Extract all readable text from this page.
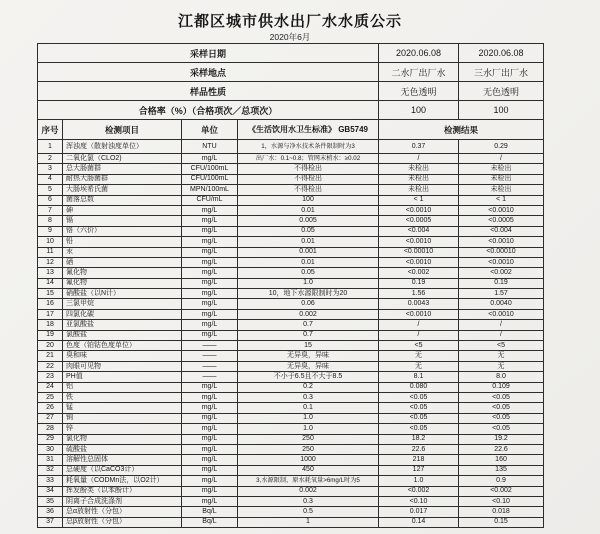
江都区城市供水出厂水水质公示
2020年6月
采样日期				2020.06.08	2020.06.08
采样地点				二水厂出厂水	三水厂出厂水
样品性质				无色透明	无色透明
合格率（%）（合格项次／总项次）				100	100
序号	检测项目	单位	《生活饮用水卫生标准》 GB5749	检测结果	
1	浑浊度（散射浊度单位）	NTU	1，水源与净水技术条件限制时为3	0.37	0.29
2	二氧化氯（CLO2)	mg/L	出厂水：0.1~0.8；管网末梢水：≥0.02	/	/
3	总大肠菌群	CFU/100mL	不得检出	未检出	未检出
4	耐热大肠菌群	CFU/100mL	不得检出	未检出	未检出
5	大肠埃希氏菌	MPN/100mL	不得检出	未检出	未检出
6	菌落总数	CFU/mL	100	< 1	< 1
7	砷	mg/L	0.01	<0.0010	<0.0010
8	镉	mg/L	0.005	<0.0005	<0.0005
9	铬（六价）	mg/L	0.05	<0.004	<0.004
10	铅	mg/L	0.01	<0.0010	<0.0010
11	汞	mg/L	0.001	<0.00010	<0.00010
12	硒	mg/L	0.01	<0.0010	<0.0010
13	氰化物	mg/L	0.05	<0.002	<0.002
14	氟化物	mg/L	1.0	0.19	0.19
15	硝酸盐（以N计）	mg/L	10，地下水源限制时为20	1.56	1.57
16	三氯甲烷	mg/L	0.06	0.0043	0.0040
17	四氯化碳	mg/L	0.002	<0.0010	<0.0010
18	亚氯酸盐	mg/L	0.7	/	/
19	氯酸盐	mg/L	0.7	/	/
20	色度（铂钴色度单位）	——	15	<5	<5
21	臭和味	——	无异臭，异味	无	无
22	肉眼可见物	——	无异臭，异味	无	无
23	PH值	——	不小于6.5且不大于8.5	8.1	8.0
24	铝	mg/L	0.2	0.080	0.109
25	铁	mg/L	0.3	<0.05	<0.05
26	锰	mg/L	0.1	<0.05	<0.05
27	铜	mg/L	1.0	<0.05	<0.05
28	锌	mg/L	1.0	<0.05	<0.05
29	氯化物	mg/L	250	18.2	19.2
30	硫酸盐	mg/L	250	22.6	22.6
31	溶解性总固体	mg/L	1000	218	160
32	总硬度（以CaCO3计）	mg/L	450	127	135
33	耗氧量（CODMn法，以O2计）	mg/L	3,水源限制，原水耗氧量>6mg/L时为5	1.0	0.9
34	挥发酚类（以苯酚计）	mg/L	0.002	<0.002	<0.002
35	阴离子合成洗涤剂	mg/L	0.3	<0.10	<0.10
36	总α放射性（分包）	Bq/L	0.5	0.017	0.018
37	总β放射性（分包）	Bq/L	1	0.14	0.15
